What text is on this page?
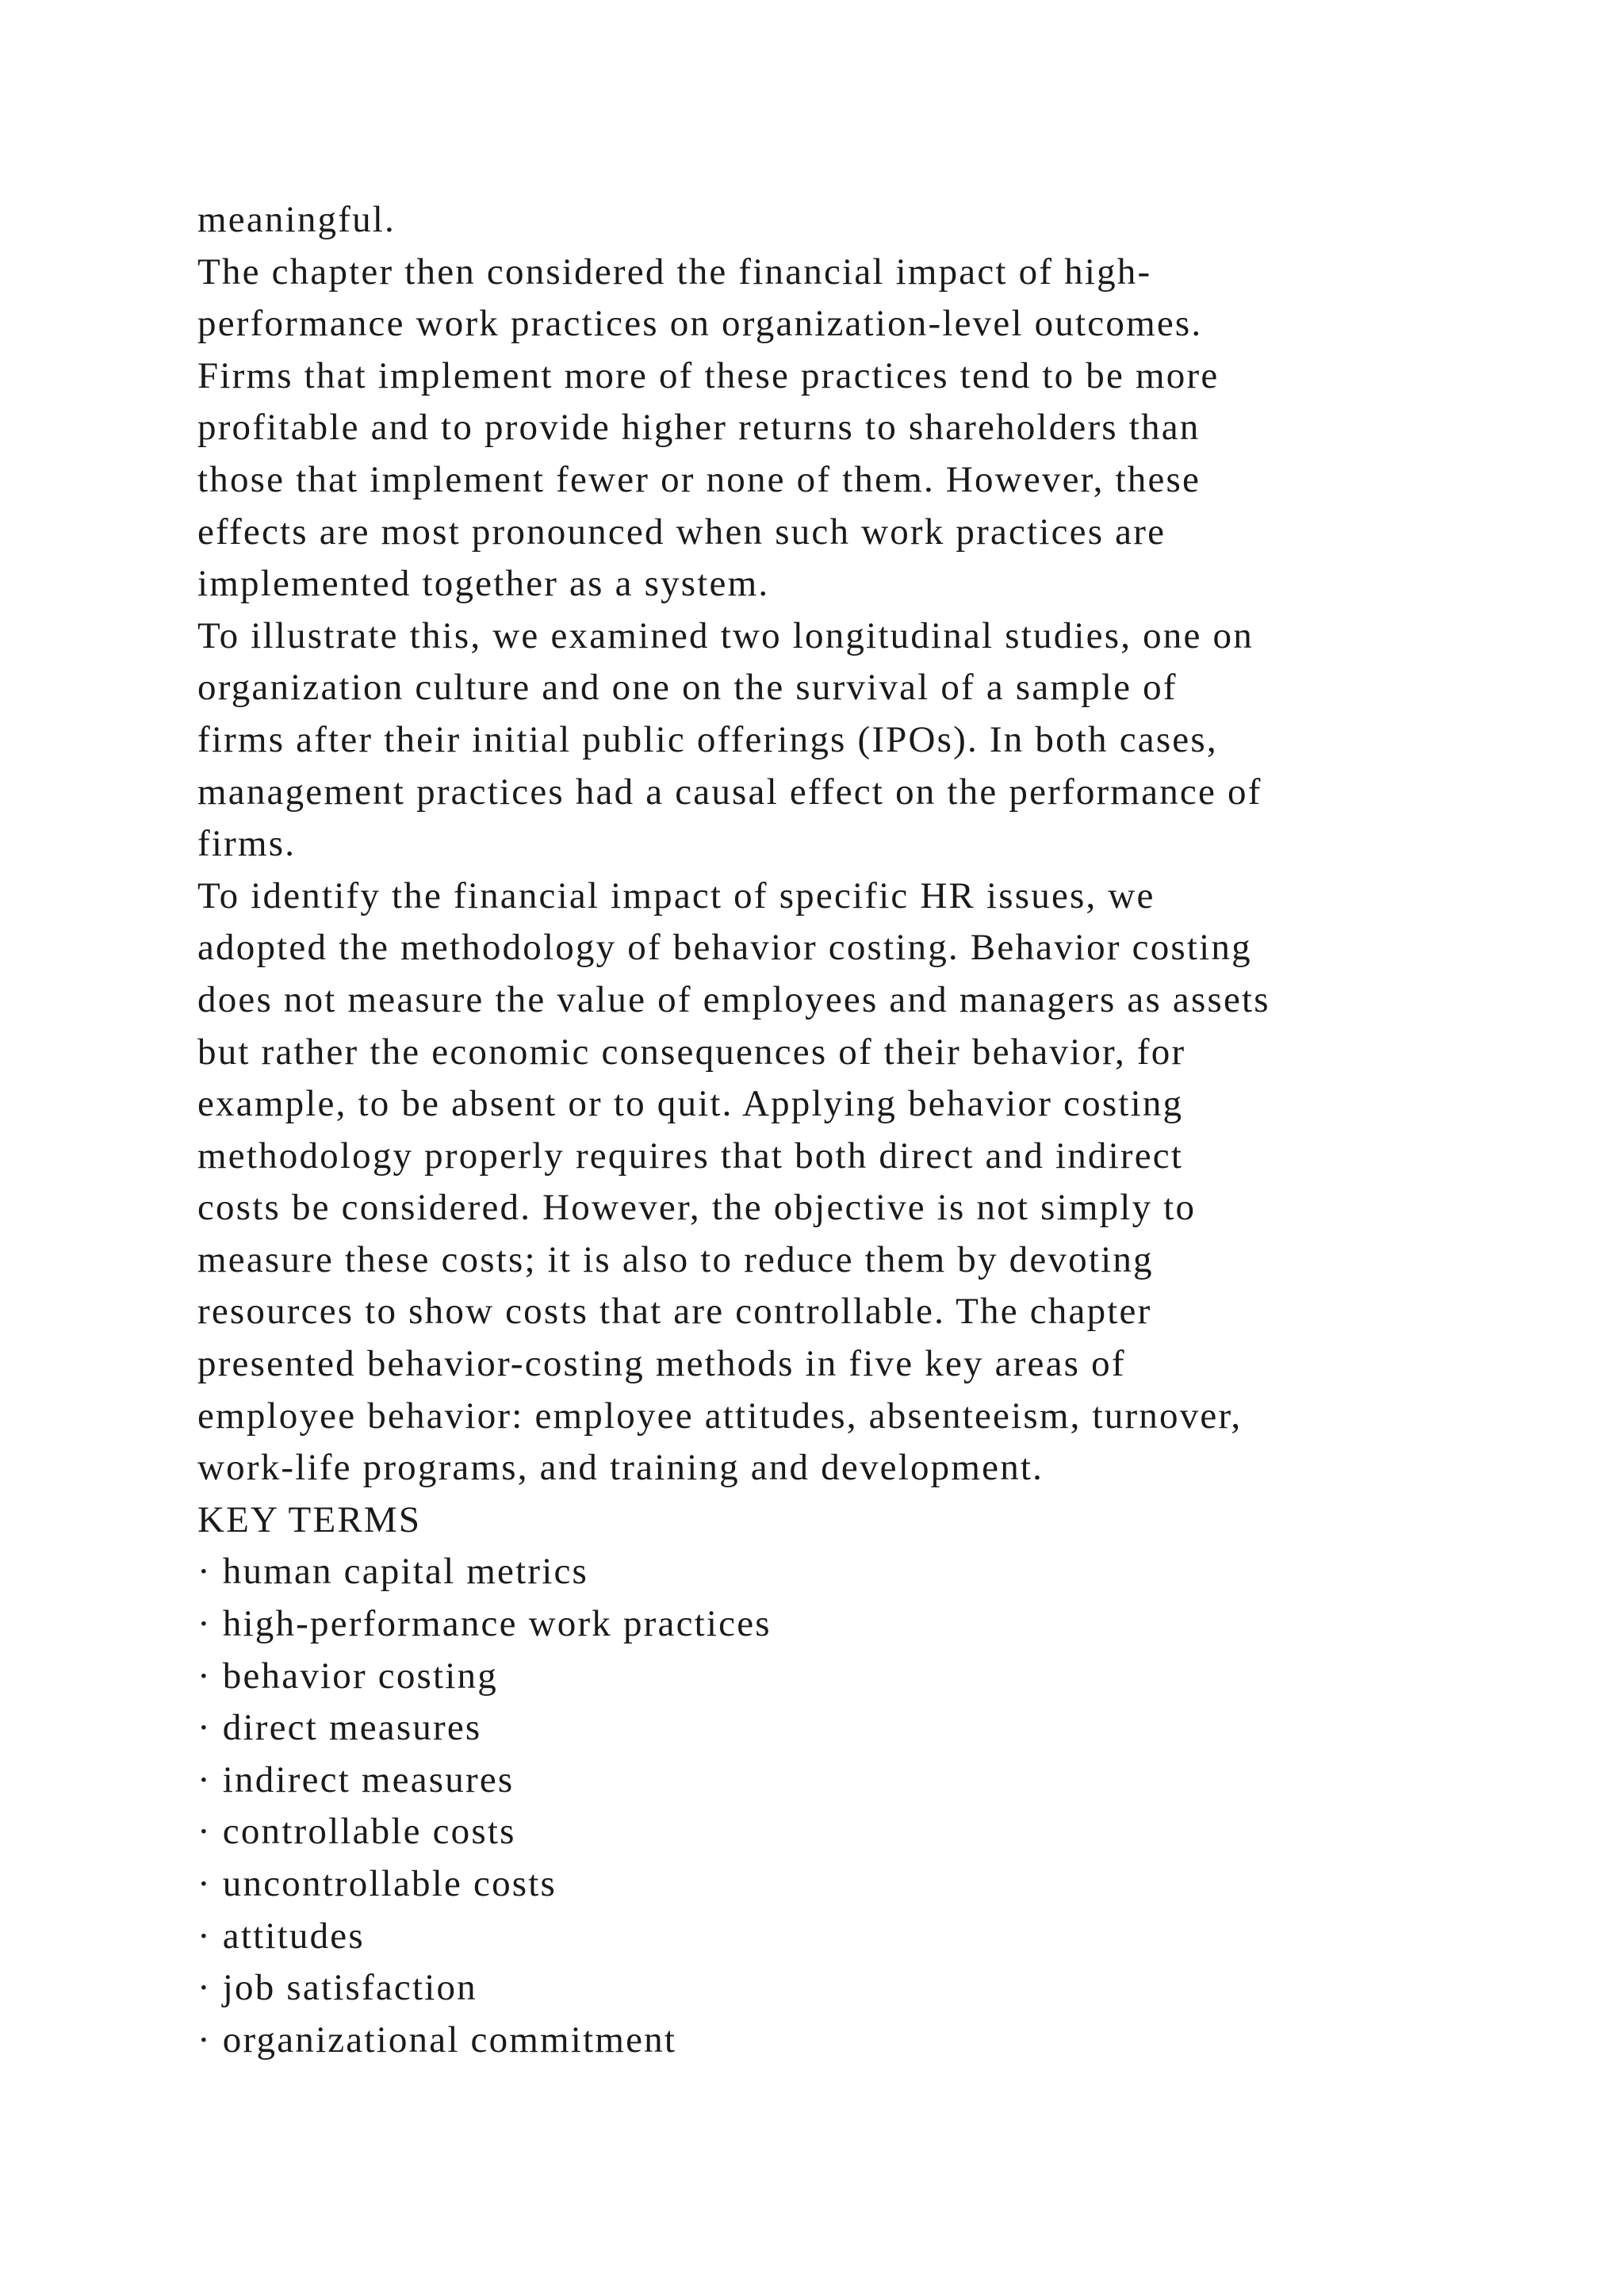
meaningful.
The chapter then considered the financial impact of high-
performance work practices on organization-level outcomes.
Firms that implement more of these practices tend to be more
profitable and to provide higher returns to shareholders than
those that implement fewer or none of them. However, these
effects are most pronounced when such work practices are
implemented together as a system.
To illustrate this, we examined two longitudinal studies, one on
organization culture and one on the survival of a sample of
firms after their initial public offerings (IPOs). In both cases,
management practices had a causal effect on the performance of
firms.
To identify the financial impact of specific HR issues, we
adopted the methodology of behavior costing. Behavior costing
does not measure the value of employees and managers as assets
but rather the economic consequences of their behavior, for
example, to be absent or to quit. Applying behavior costing
methodology properly requires that both direct and indirect
costs be considered. However, the objective is not simply to
measure these costs; it is also to reduce them by devoting
resources to show costs that are controllable. The chapter
presented behavior-costing methods in five key areas of
employee behavior: employee attitudes, absenteeism, turnover,
work-life programs, and training and development.
KEY TERMS
· human capital metrics
· high-performance work practices
· behavior costing
· direct measures
· indirect measures
· controllable costs
· uncontrollable costs
· attitudes
· job satisfaction
· organizational commitment
